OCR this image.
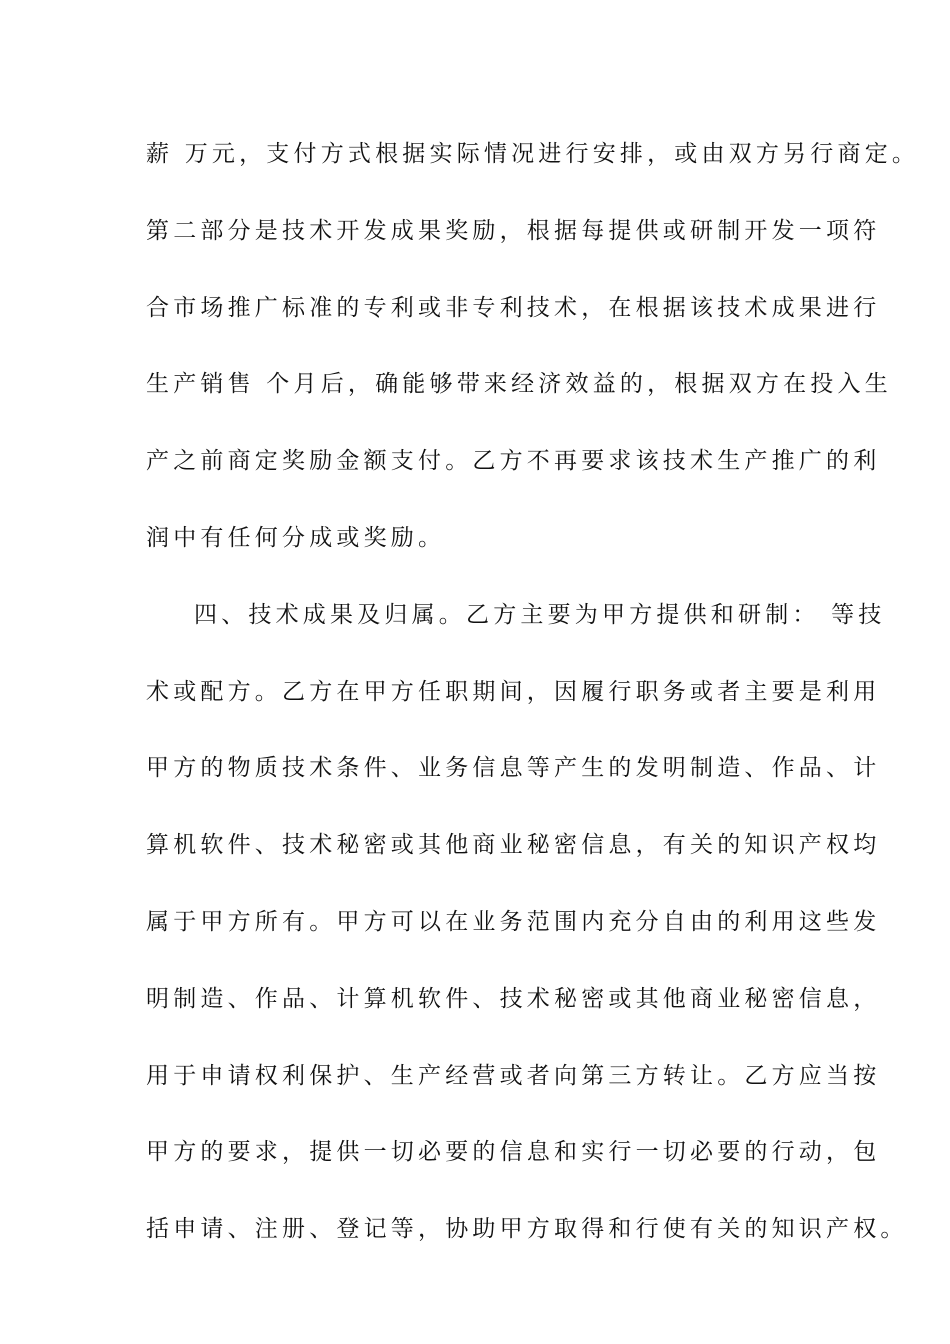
薪 万元，支付方式根据实际情况进行安排，或由双方另行商定。
第二部分是技术开发成果奖励，根据每提供或研制开发一项符
合市场推广标准的专利或非专利技术，在根据该技术成果进行
生产销售 个月后，确能够带来经济效益的，根据双方在投入生
产之前商定奖励金额支付。乙方不再要求该技术生产推广的利
润中有任何分成或奖励。
四、技术成果及归属。乙方主要为甲方提供和研制： 等技
术或配方。乙方在甲方任职期间，因履行职务或者主要是利用
甲方的物质技术条件、业务信息等产生的发明制造、作品、计
算机软件、技术秘密或其他商业秘密信息，有关的知识产权均
属于甲方所有。甲方可以在业务范围内充分自由的利用这些发
明制造、作品、计算机软件、技术秘密或其他商业秘密信息，
用于申请权利保护、生产经营或者向第三方转让。乙方应当按
甲方的要求，提供一切必要的信息和实行一切必要的行动，包
括申请、注册、登记等，协助甲方取得和行使有关的知识产权。
